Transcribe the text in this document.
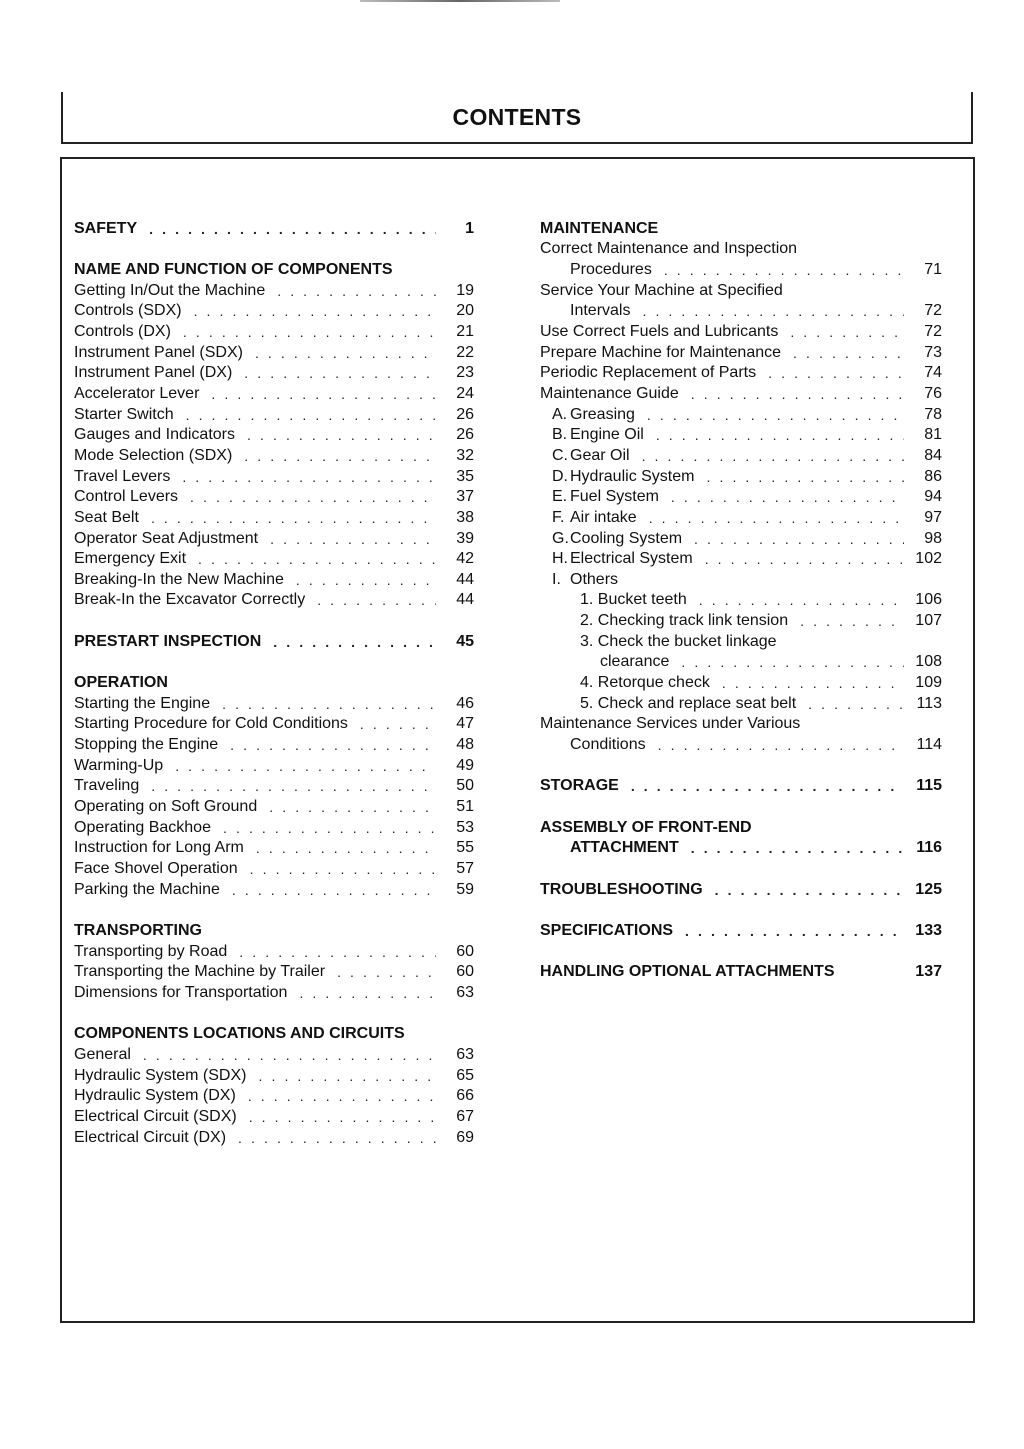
CONTENTS
SAFETY . . .	1
NAME AND FUNCTION OF COMPONENTS
Getting In/Out the Machine . . .	19
Controls (SDX) . . .	20
Controls (DX) . . .	21
Instrument Panel (SDX) . . .	22
Instrument Panel (DX) . . .	23
Accelerator Lever . . .	24
Starter Switch . . .	26
Gauges and Indicators . . .	26
Mode Selection (SDX) . . .	32
Travel Levers . . .	35
Control Levers . . .	37
Seat Belt . . .	38
Operator Seat Adjustment . . .	39
Emergency Exit . . .	42
Breaking-In the New Machine . . .	44
Break-In the Excavator Correctly . . .	44
PRESTART INSPECTION . . .	45
OPERATION
Starting the Engine . . .	46
Starting Procedure for Cold Conditions . . .	47
Stopping the Engine . . .	48
Warming-Up . . .	49
Traveling . . .	50
Operating on Soft Ground . . .	51
Operating Backhoe . . .	53
Instruction for Long Arm . . .	55
Face Shovel Operation . . .	57
Parking the Machine . . .	59
TRANSPORTING
Transporting by Road . . .	60
Transporting the Machine by Trailer . . .	60
Dimensions for Transportation . . .	63
COMPONENTS LOCATIONS AND CIRCUITS
General . . .	63
Hydraulic System (SDX) . . .	65
Hydraulic System (DX) . . .	66
Electrical Circuit (SDX) . . .	67
Electrical Circuit (DX) . . .	69
MAINTENANCE
Correct Maintenance and Inspection
Procedures . . .	71
Service Your Machine at Specified
Intervals . . .	72
Use Correct Fuels and Lubricants . . .	72
Prepare Machine for Maintenance . . .	73
Periodic Replacement of Parts . . .	74
Maintenance Guide . . .	76
A. Greasing . . .	78
B. Engine Oil . . .	81
C. Gear Oil . . .	84
D. Hydraulic System . . .	86
E. Fuel System . . .	94
F. Air intake . . .	97
G.Cooling System . . .	98
H. Electrical System . . .	102
I. Others
1. Bucket teeth . . .	106
2. Checking track link tension . . .	107
3. Check the bucket linkage
clearance . . .	108
4. Retorque check . . .	109
5. Check and replace seat belt . . .	113
Maintenance Services under Various
Conditions . . .	114
STORAGE . . .	115
ASSEMBLY OF FRONT-END
ATTACHMENT . . .	116
TROUBLESHOOTING . . .	125
SPECIFICATIONS . . .	133
HANDLING OPTIONAL ATTACHMENTS	137
